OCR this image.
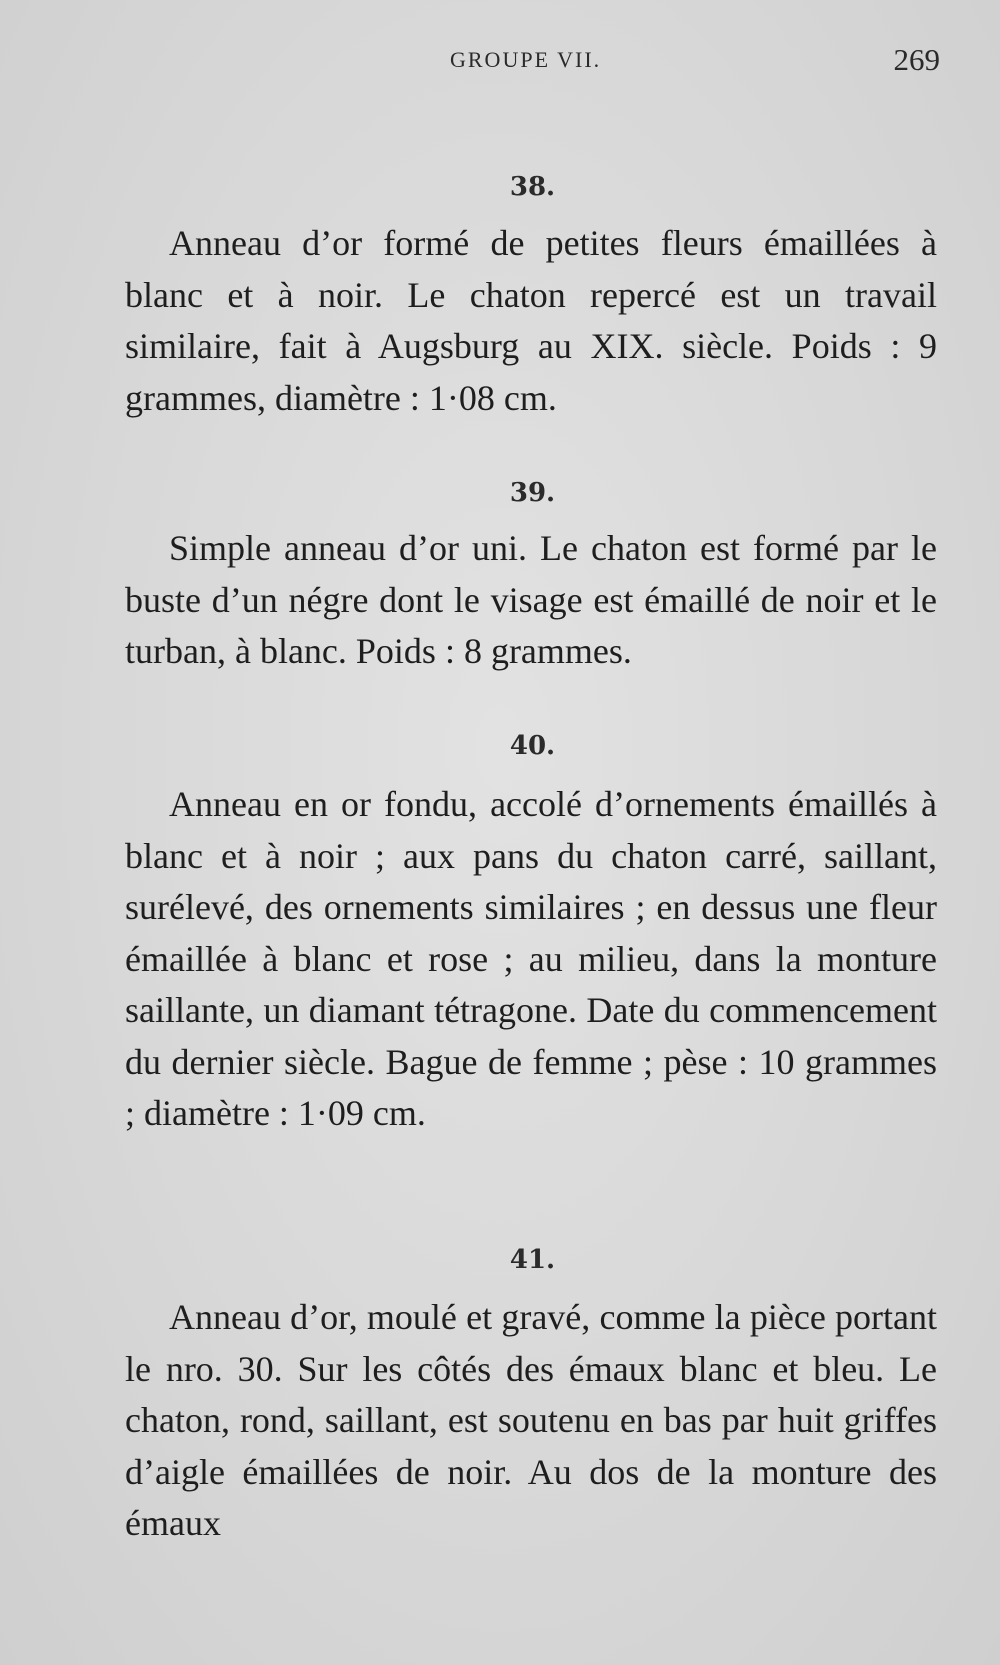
GROUPE VII.	269
38.

Anneau d’or formé de petites fleurs émaillées à blanc et à noir. Le chaton repercé est un travail similaire, fait à Augsburg au XIX. siècle. Poids : 9 grammes, diamètre : 1·08 cm.

39.

Simple anneau d’or uni. Le chaton est formé par le buste d’un négre dont le visage est émaillé de noir et le turban, à blanc. Poids : 8 grammes.

40.

Anneau en or fondu, accolé d’ornements émaillés à blanc et à noir ; aux pans du chaton carré, saillant, surélevé, des ornements similaires ; en dessus une fleur émaillée à blanc et rose ; au milieu, dans la monture saillante, un diamant tétragone. Date du commencement du dernier siècle. Bague de femme ; pèse : 10 grammes ; diamètre : 1·09 cm.

41.

Anneau d’or, moulé et gravé, comme la pièce portant le nro. 30. Sur les côtés des émaux blanc et bleu. Le chaton, rond, saillant, est soutenu en bas par huit griffes d’aigle émaillées de noir. Au dos de la monture des émaux
